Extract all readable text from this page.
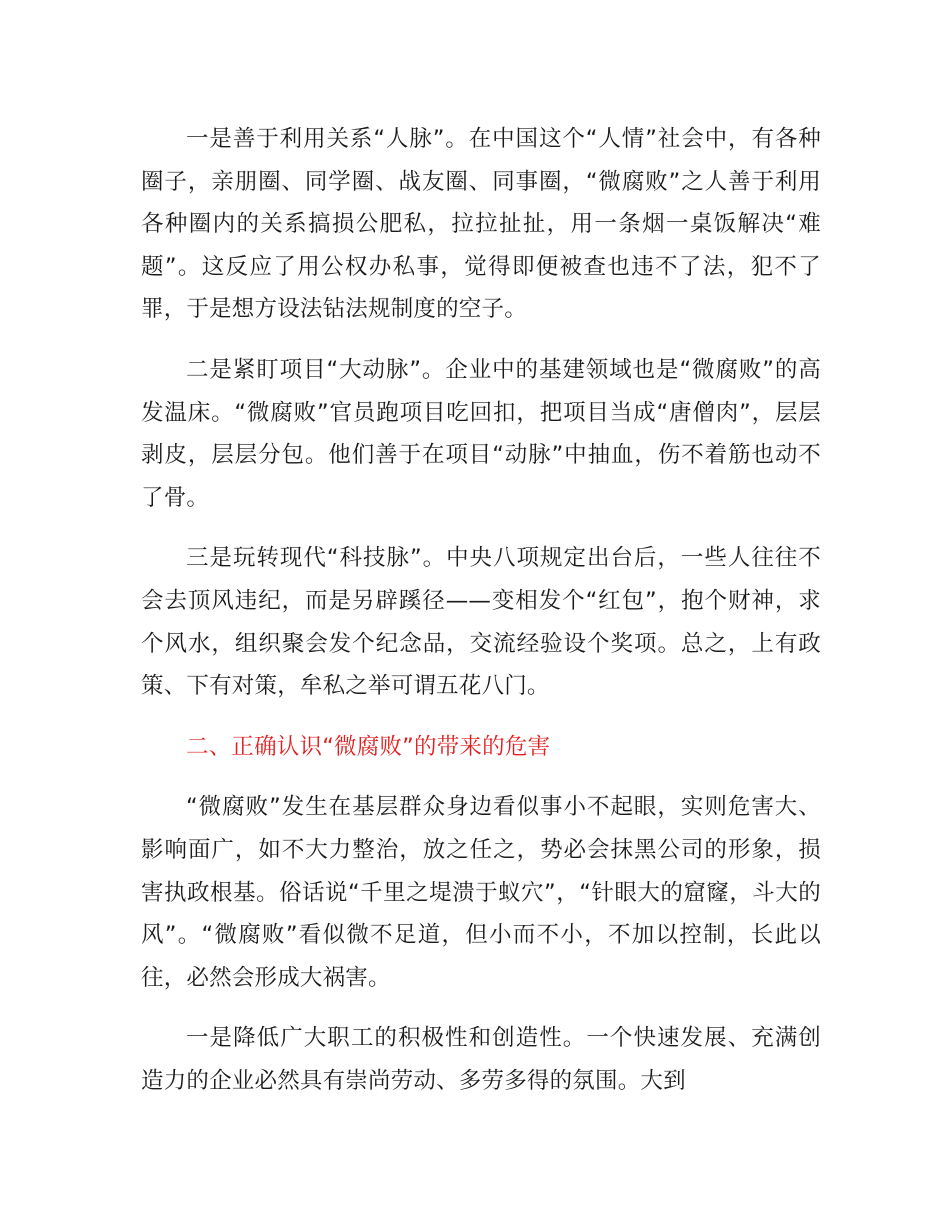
一是善于利用关系“人脉”。在中国这个“人情”社会中，有各种圈子，亲朋圈、同学圈、战友圈、同事圈，“微腐败”之人善于利用各种圈内的关系搞损公肥私，拉拉扯扯，用一条烟一桌饭解决“难题”。这反应了用公权办私事，觉得即便被查也违不了法，犯不了罪，于是想方设法钻法规制度的空子。

二是紧盯项目“大动脉”。企业中的基建领域也是“微腐败”的高发温床。“微腐败”官员跑项目吃回扣，把项目当成“唐僧肉”，层层剥皮，层层分包。他们善于在项目“动脉”中抽血，伤不着筋也动不了骨。

三是玩转现代“科技脉”。中央八项规定出台后，一些人往往不会去顶风违纪，而是另辟蹊径——变相发个“红包”，抱个财神，求个风水，组织聚会发个纪念品，交流经验设个奖项。总之，上有政策、下有对策，牟私之举可谓五花八门。

二、正确认识“微腐败”的带来的危害

“微腐败”发生在基层群众身边看似事小不起眼，实则危害大、影响面广，如不大力整治，放之任之，势必会抹黑公司的形象，损害执政根基。俗话说“千里之堤溃于蚁穴”，“针眼大的窟窿，斗大的风”。“微腐败”看似微不足道，但小而不小，不加以控制，长此以往，必然会形成大祸害。

一是降低广大职工的积极性和创造性。一个快速发展、充满创造力的企业必然具有崇尚劳动、多劳多得的氛围。大到
